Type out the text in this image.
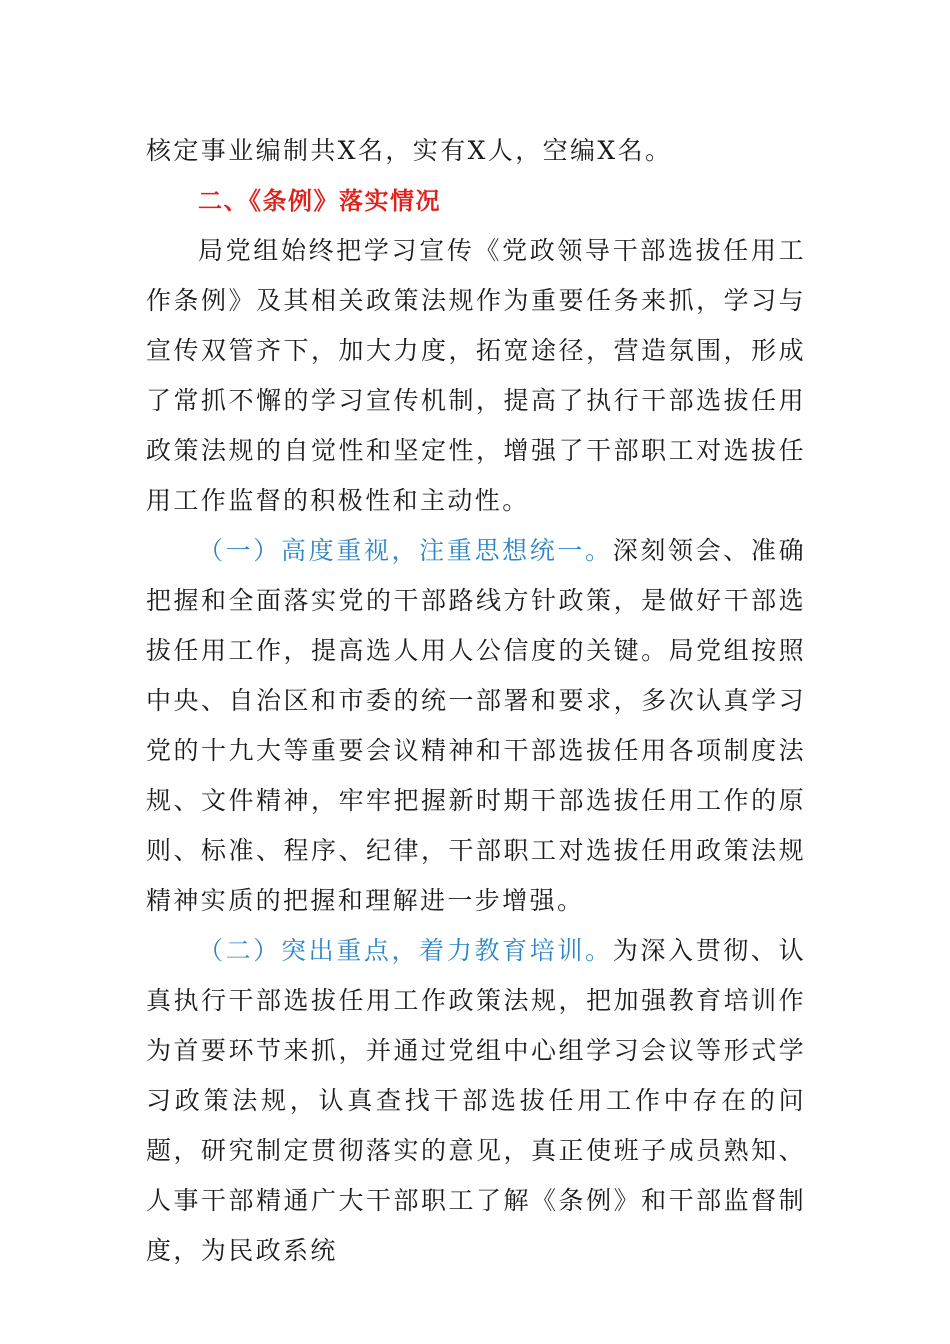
核定事业编制共X名，实有X人，空编X名。

二、《条例》落实情况

局党组始终把学习宣传《党政领导干部选拔任用工作条例》及其相关政策法规作为重要任务来抓，学习与宣传双管齐下，加大力度，拓宽途径，营造氛围，形成了常抓不懈的学习宣传机制，提高了执行干部选拔任用政策法规的自觉性和坚定性，增强了干部职工对选拔任用工作监督的积极性和主动性。

（一）高度重视，注重思想统一。深刻领会、准确把握和全面落实党的干部路线方针政策，是做好干部选拔任用工作，提高选人用人公信度的关键。局党组按照中央、自治区和市委的统一部署和要求，多次认真学习党的十九大等重要会议精神和干部选拔任用各项制度法规、文件精神，牢牢把握新时期干部选拔任用工作的原则、标准、程序、纪律，干部职工对选拔任用政策法规精神实质的把握和理解进一步增强。

（二）突出重点，着力教育培训。为深入贯彻、认真执行干部选拔任用工作政策法规，把加强教育培训作为首要环节来抓，并通过党组中心组学习会议等形式学习政策法规，认真查找干部选拔任用工作中存在的问题，研究制定贯彻落实的意见，真正使班子成员熟知、人事干部精通广大干部职工了解《条例》和干部监督制度，为民政系统
